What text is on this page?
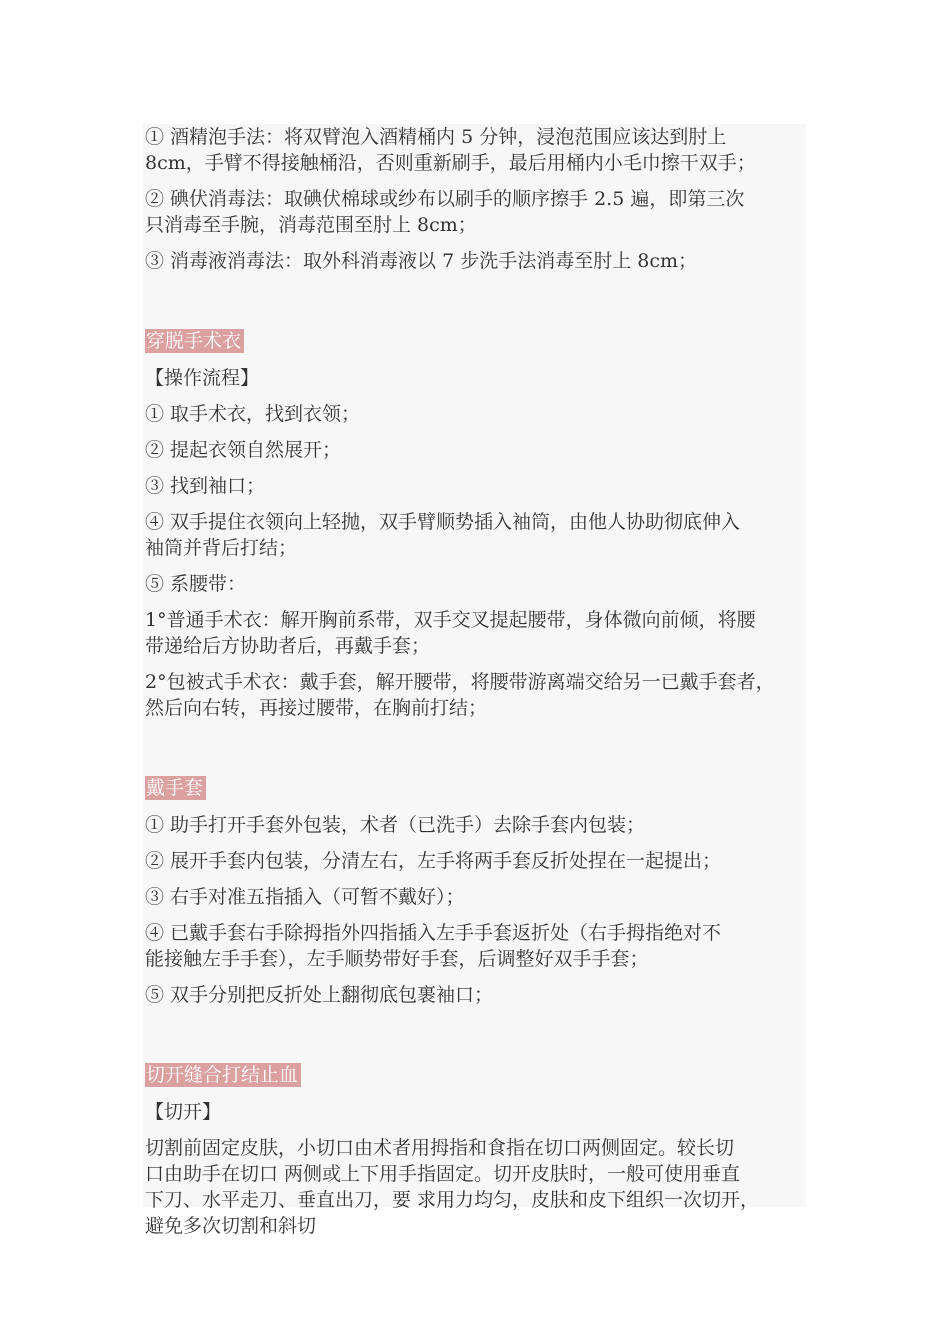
① 酒精泡手法：将双臂泡入酒精桶内 5 分钟，浸泡范围应该达到肘上
8cm，手臂不得接触桶沿，否则重新刷手，最后用桶内小毛巾擦干双手；
② 碘伏消毒法：取碘伏棉球或纱布以刷手的顺序擦手 2.5 遍，即第三次
只消毒至手腕，消毒范围至肘上 8cm；
③ 消毒液消毒法：取外科消毒液以 7 步洗手法消毒至肘上 8cm；
穿脱手术衣
【操作流程】
① 取手术衣，找到衣领；
② 提起衣领自然展开；
③ 找到袖口；
④ 双手提住衣领向上轻抛，双手臂顺势插入袖筒，由他人协助彻底伸入
袖筒并背后打结；
⑤ 系腰带：
1°普通手术衣：解开胸前系带，双手交叉提起腰带，身体微向前倾，将腰
带递给后方协助者后，再戴手套；
2°包被式手术衣：戴手套，解开腰带，将腰带游离端交给另一已戴手套者，
然后向右转，再接过腰带，在胸前打结；
戴手套
① 助手打开手套外包装，术者（已洗手）去除手套内包装；
② 展开手套内包装，分清左右，左手将两手套反折处捏在一起提出；
③ 右手对准五指插入（可暂不戴好）；
④ 已戴手套右手除拇指外四指插入左手手套返折处（右手拇指绝对不
能接触左手手套），左手顺势带好手套，后调整好双手手套；
⑤ 双手分别把反折处上翻彻底包裹袖口；
切开缝合打结止血
【切开】
切割前固定皮肤，小切口由术者用拇指和食指在切口两侧固定。较长切
口由助手在切口 两侧或上下用手指固定。切开皮肤时，一般可使用垂直
下刀、水平走刀、垂直出刀，要 求用力均匀，皮肤和皮下组织一次切开，
避免多次切割和斜切
